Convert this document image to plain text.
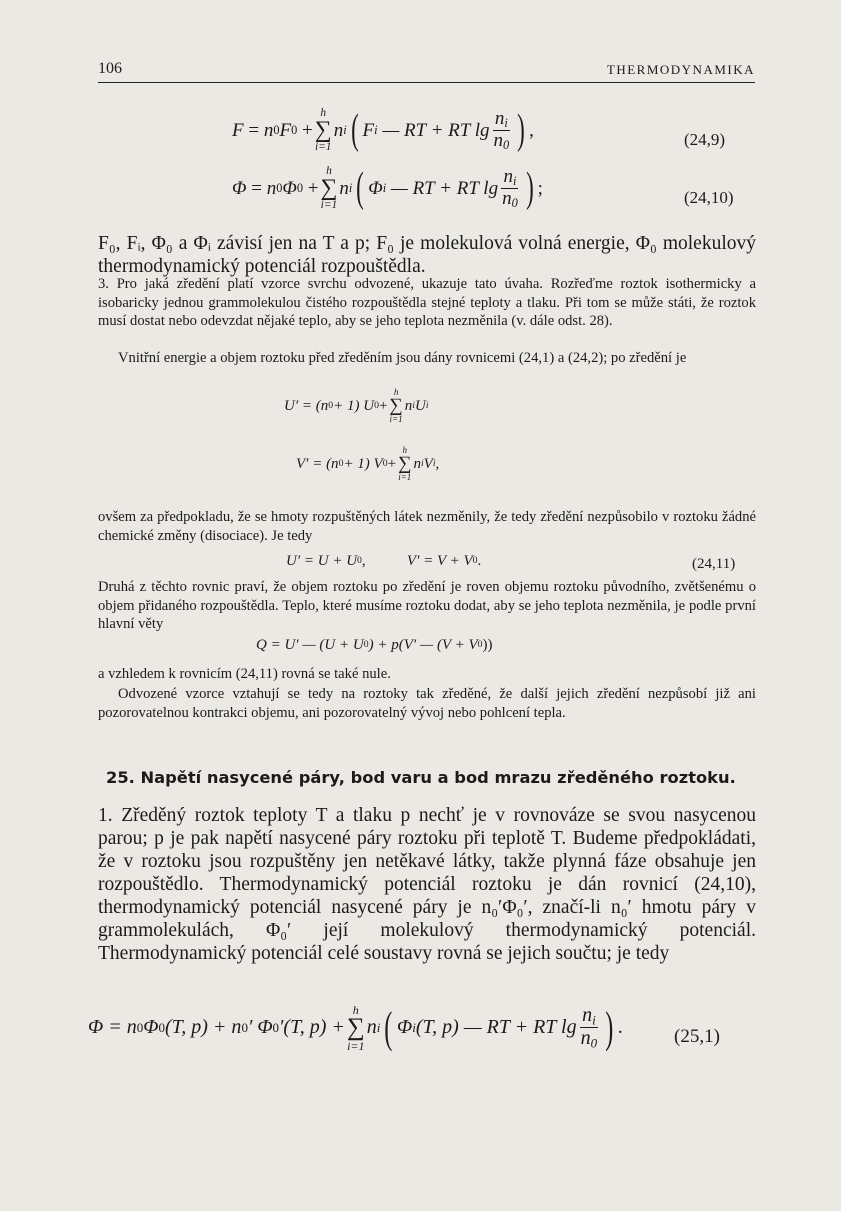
106	THERMODYNAMIKA
F = n 0 F 0
+
h
∑
i=1
n i ( F i
— RT + RT $\lg \frac{n_i}{n_0}$ ) ,	(24,9)
Φ = n 0 Φ 0
+
h
∑
i=1
n i ( Φ i
— RT + RT $\lg \frac{n_i}{n_0}$ ) ;	(24,10)

F₀, Fᵢ, Φ₀ a Φᵢ závisí jen na T a p; F₀ je molekulová volná energie, Φ₀ molekulový thermodynamický potenciál rozpouštědla.

3. Pro jaká zředění platí vzorce svrchu odvozené, ukazuje tato úvaha. Rozřeďme roztok isothermicky a isobaricky jednou grammolekulou čistého rozpouštědla stejné teploty a tlaku. Při tom se může státi, že roztok musí dostat nebo odevzdat nějaké teplo, aby se jeho teplota nezměnila (v. dále odst. 28).

Vnitřní energie a objem roztoku před zředěním jsou dány rovnicemi (24,1) a (24,2); po zředění je

U′ = (n 0 + 1) U 0 +
h
∑
i=1
n i U i
V′ = (n 0 + 1) V 0 +
h
∑
i=1
n i V i ,

ovšem za předpokladu, že se hmoty rozpuštěných látek nezměnily, že tedy zředění nezpůsobilo v roztoku žádné chemické změny (disociace). Je tedy

U′ = U + U 0 , V′ = V + V 0 .	(24,11)

Druhá z těchto rovnic praví, že objem roztoku po zředění je roven objemu roztoku původního, zvětšenému o objem přidaného rozpouštědla. Teplo, které musíme roztoku dodat, aby se jeho teplota nezměnila, je podle první hlavní věty

Q = U′ — (U + U 0 ) + p(V′ — (V + V 0 ))

a vzhledem k rovnicím (24,11) rovná se také nule.

Odvozené vzorce vztahují se tedy na roztoky tak zředěné, že další jejich zředění nezpůsobí již ani pozorovatelnou kontrakci objemu, ani pozorovatelný vývoj nebo pohlcení tepla.

25. Napětí nasycené páry, bod varu a bod mrazu zředěného roztoku.

1. Zředěný roztok teploty T a tlaku p nechť je v rovnováze se svou nasycenou parou; p je pak napětí nasycené páry roztoku při teplotě T. Budeme předpokládati, že v roztoku jsou rozpuštěny jen netěkavé látky, takže plynná fáze obsahuje jen rozpouštědlo. Thermodynamický potenciál roztoku je dán rovnicí (24,10), thermodynamický potenciál nasycené páry je n₀′Φ₀′, značí-li n₀′ hmotu páry v grammolekulách, Φ₀′ její molekulový thermodynamický potenciál. Thermodynamický potenciál celé soustavy rovná se jejich součtu; je tedy

Φ = n 0 Φ 0 (T, p) + n 0 ′ Φ 0 ′(T, p) +
h
∑
i=1
n i ( Φ i (T, p) — RT + RT $\lg \frac{n_i}{n_0}$ ) .	(25,1)
